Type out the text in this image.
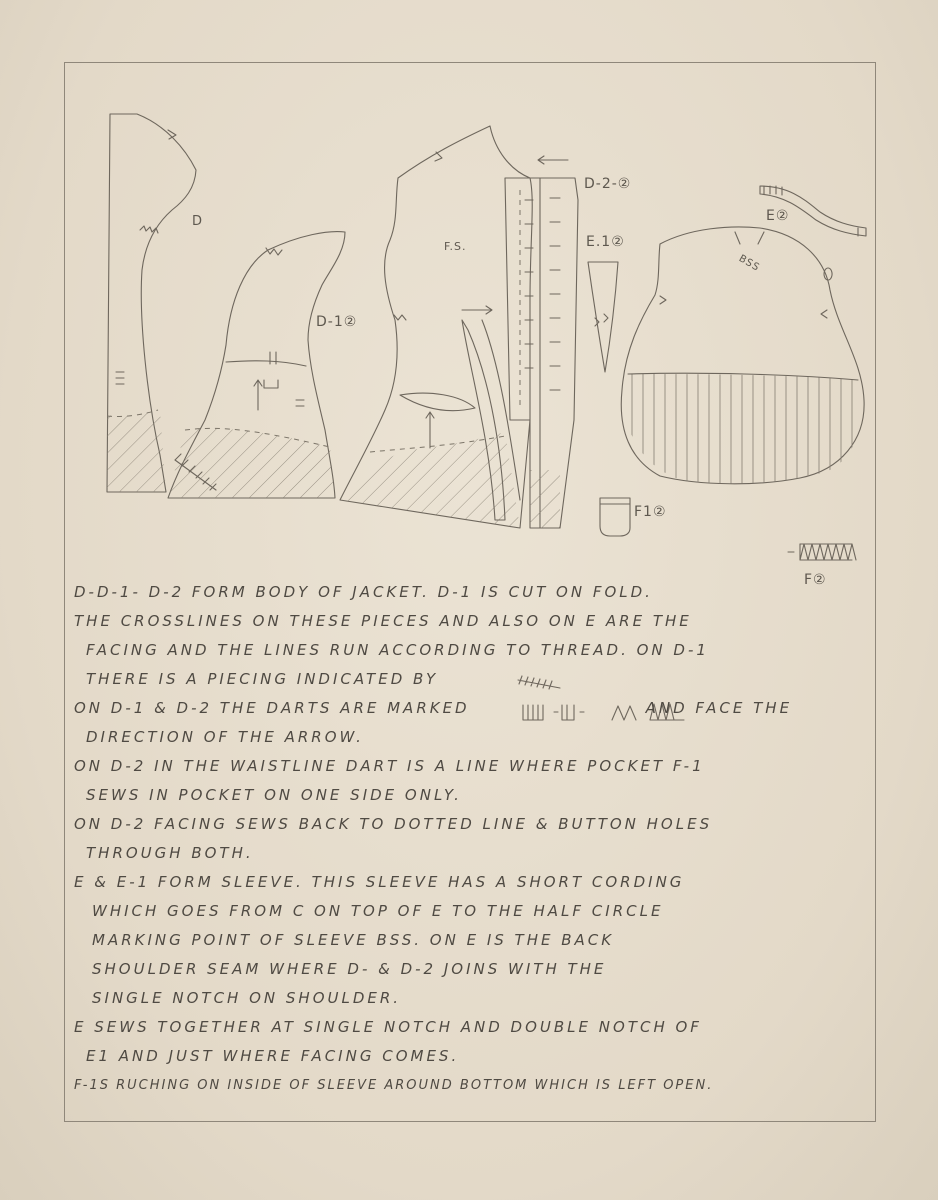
D
D-1②
F.S.
D-2-②
E.1②
E②
BSS
F1②
F②
D-D-1- D-2 FORM BODY OF JACKET. D-1 IS CUT ON FOLD.
THE CROSSLINES ON THESE PIECES AND ALSO ON E ARE THE
FACING AND THE LINES RUN ACCORDING TO THREAD. ON D-1
THERE IS A PIECING INDICATED BY
ON D-1 & D-2 THE DARTS ARE MARKED	AND FACE THE
DIRECTION OF THE ARROW.
ON D-2 IN THE WAISTLINE DART IS A LINE WHERE POCKET F-1
SEWS IN POCKET ON ONE SIDE ONLY.
ON D-2 FACING SEWS BACK TO DOTTED LINE & BUTTON HOLES
THROUGH BOTH.
E & E-1 FORM SLEEVE. THIS SLEEVE HAS A SHORT CORDING
WHICH GOES FROM C ON TOP OF E TO THE HALF CIRCLE
MARKING POINT OF SLEEVE BSS. ON E IS THE BACK
SHOULDER SEAM WHERE D- & D-2 JOINS WITH THE
SINGLE NOTCH ON SHOULDER.
E SEWS TOGETHER AT SINGLE NOTCH AND DOUBLE NOTCH OF
E1 AND JUST WHERE FACING COMES.
F-1S RUCHING ON INSIDE OF SLEEVE AROUND BOTTOM WHICH IS LEFT OPEN.
